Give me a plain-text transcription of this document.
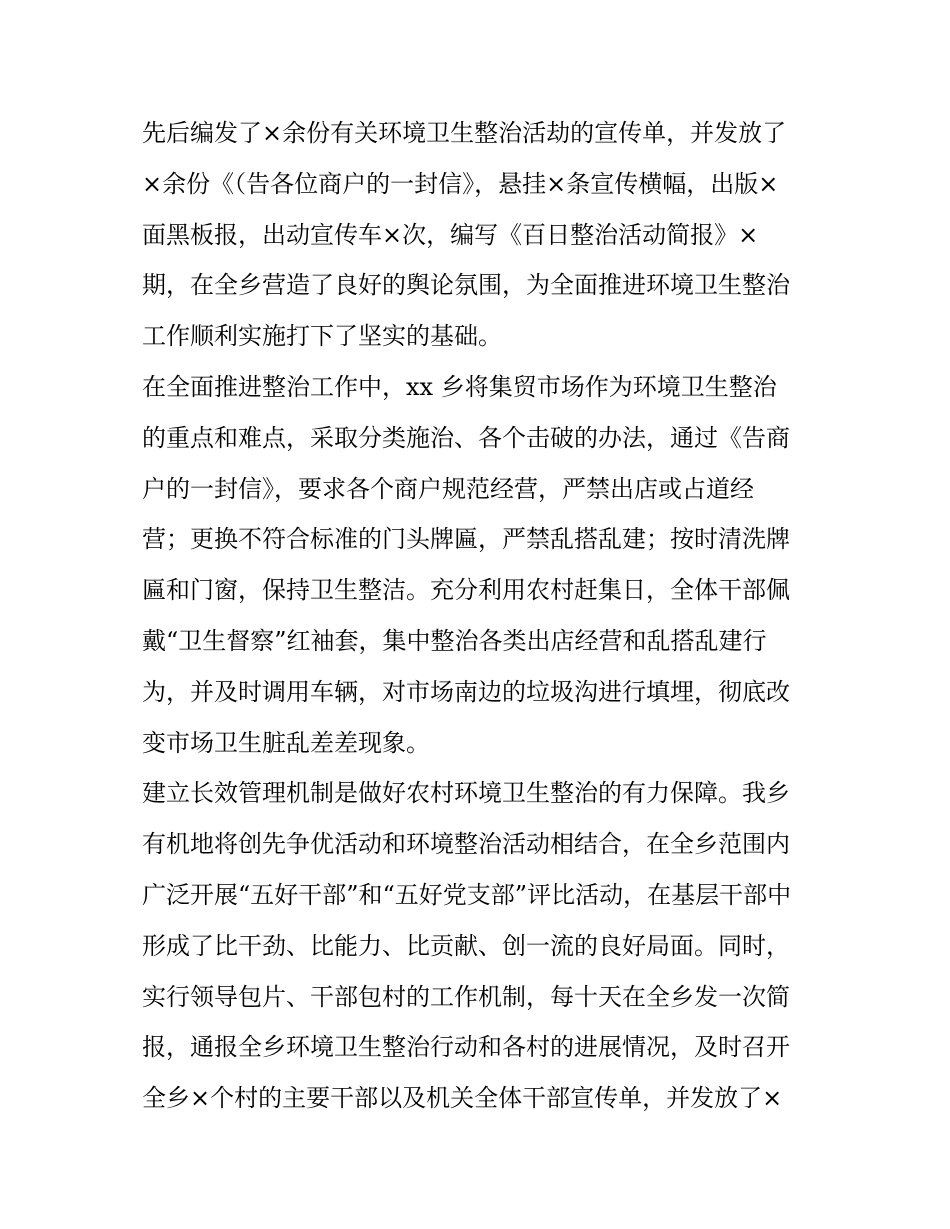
先后编发了×余份有关环境卫生整治活劫的宣传单，并发放了
×余份《（告各位商户的一封信》，悬挂×条宣传横幅，出版×
面黑板报，出动宣传车×次，编写《百日整治活动简报》×
期，在全乡营造了良好的舆论氛围，为全面推进环境卫生整治
工作顺利实施打下了坚实的基础。
在全面推进整治工作中，xx 乡将集贸市场作为环境卫生整治
的重点和难点，采取分类施治、各个击破的办法，通过《告商
户的一封信》，要求各个商户规范经营，严禁出店或占道经
营；更换不符合标准的门头牌匾，严禁乱搭乱建；按时清洗牌
匾和门窗，保持卫生整洁。充分利用农村赶集日，全体干部佩
戴“卫生督察”红袖套，集中整治各类出店经营和乱搭乱建行
为，并及时调用车辆，对市场南边的垃圾沟进行填埋，彻底改
变市场卫生脏乱差差现象。
建立长效管理机制是做好农村环境卫生整治的有力保障。我乡
有机地将创先争优活动和环境整治活动相结合，在全乡范围内
广泛开展“五好干部”和“五好党支部”评比活动，在基层干部中
形成了比干劲、比能力、比贡献、创一流的良好局面。同时，
实行领导包片、干部包村的工作机制，每十天在全乡发一次简
报，通报全乡环境卫生整治行动和各村的进展情况，及时召开
全乡×个村的主要干部以及机关全体干部宣传单，并发放了×
